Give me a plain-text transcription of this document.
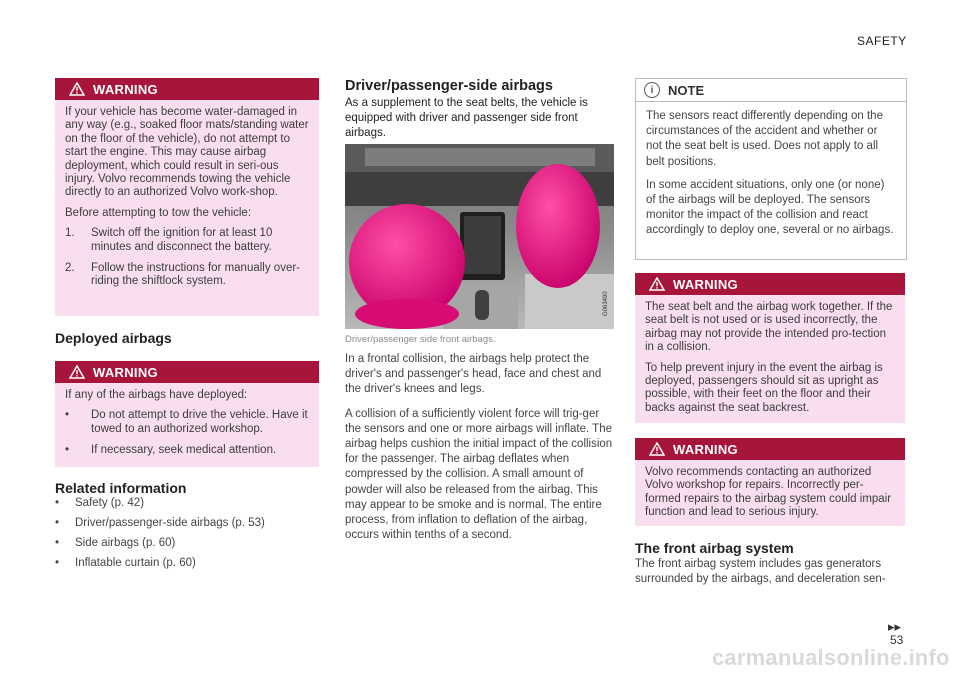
SAFETY
▸▸
53
WARNING

If your vehicle has become water-damaged in any way (e.g., soaked floor mats/standing water on the floor of the vehicle), do not attempt to start the engine. This may cause airbag deployment, which could result in seri-ous injury. Volvo recommends towing the vehicle directly to an authorized Volvo work-shop.

Before attempting to tow the vehicle:

1.	Switch off the ignition for at least 10 minutes and disconnect the battery.
2.	Follow the instructions for manually over-riding the shiftlock system.
Deployed airbags
WARNING

If any of the airbags have deployed:

•	Do not attempt to drive the vehicle. Have it towed to an authorized workshop.
•	If necessary, seek medical attention.
Related information
•	Safety (p. 42)
•	Driver/passenger-side airbags (p. 53)
•	Side airbags (p. 60)
•	Inflatable curtain (p. 60)
Driver/passenger-side airbags
As a supplement to the seat belts, the vehicle is equipped with driver and passenger side front airbags.
G063490
Driver/passenger side front airbags.

In a frontal collision, the airbags help protect the driver's and passenger's head, face and chest and the driver's knees and legs.

A collision of a sufficiently violent force will trig-ger the sensors and one or more airbags will inflate. The airbag helps cushion the initial impact of the collision for the passenger. The airbag deflates when compressed by the collision. A small amount of powder will also be released from the airbag. This may appear to be smoke and is normal. The entire process, from inflation to deflation of the airbag, occurs within tenths of a second.

i	NOTE

The sensors react differently depending on the circumstances of the accident and whether or not the seat belt is used. Does not apply to all belt positions.

In some accident situations, only one (or none) of the airbags will be deployed. The sensors monitor the impact of the collision and react accordingly to deploy one, several or no airbags.

WARNING

The seat belt and the airbag work together. If the seat belt is not used or is used incorrectly, the airbag may not provide the intended pro-tection in a collision.

To help prevent injury in the event the airbag is deployed, passengers should sit as upright as possible, with their feet on the floor and their backs against the seat backrest.

WARNING

Volvo recommends contacting an authorized Volvo workshop for repairs. Incorrectly per-formed repairs to the airbag system could impair function and lead to serious injury.

The front airbag system
The front airbag system includes gas generators surrounded by the airbags, and deceleration sen-
carmanualsonline.info
